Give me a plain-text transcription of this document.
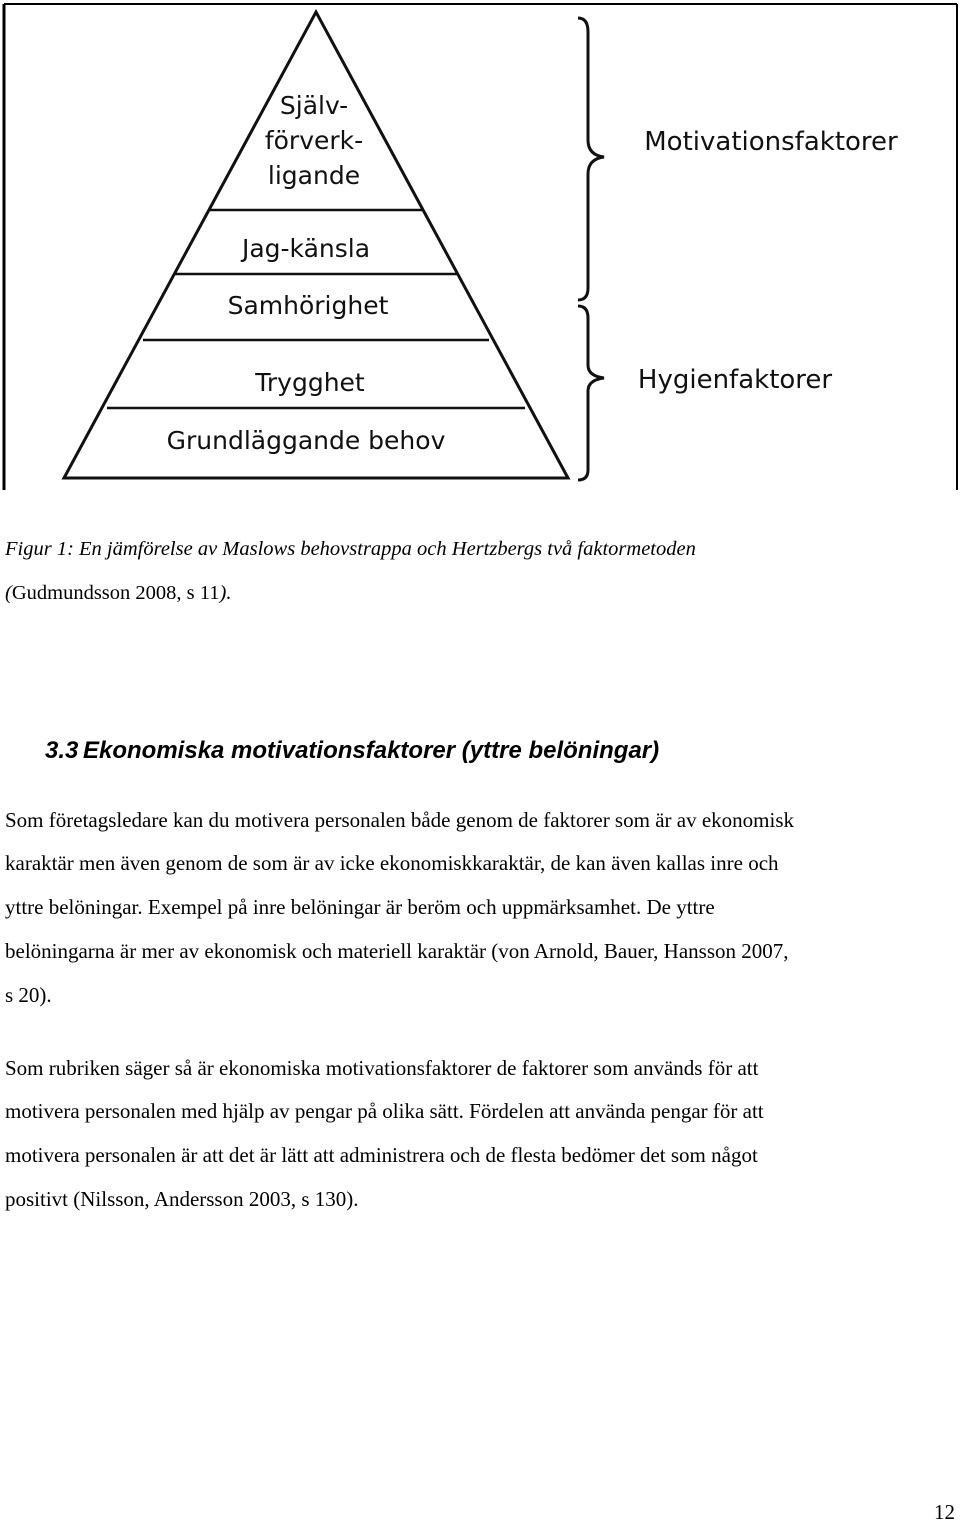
Själv-
förverk-
ligande
Jag-känsla
Samhörighet
Trygghet
Grundläggande behov
Motivationsfaktorer
Hygienfaktorer
Figur 1: En jämförelse av Maslows behovstrappa och Hertzbergs två faktormetoden
(Gudmundsson 2008, s 11).
3.3 Ekonomiska motivationsfaktorer (yttre belöningar)
Som företagsledare kan du motivera personalen både genom de faktorer som är av ekonomisk
karaktär men även genom de som är av icke ekonomiskkaraktär, de kan även kallas inre och
yttre belöningar. Exempel på inre belöningar är beröm och uppmärksamhet. De yttre
belöningarna är mer av ekonomisk och materiell karaktär (von Arnold, Bauer, Hansson 2007,
s 20).
Som rubriken säger så är ekonomiska motivationsfaktorer de faktorer som används för att
motivera personalen med hjälp av pengar på olika sätt. Fördelen att använda pengar för att
motivera personalen är att det är lätt att administrera och de flesta bedömer det som något
positivt (Nilsson, Andersson 2003, s 130).
12
